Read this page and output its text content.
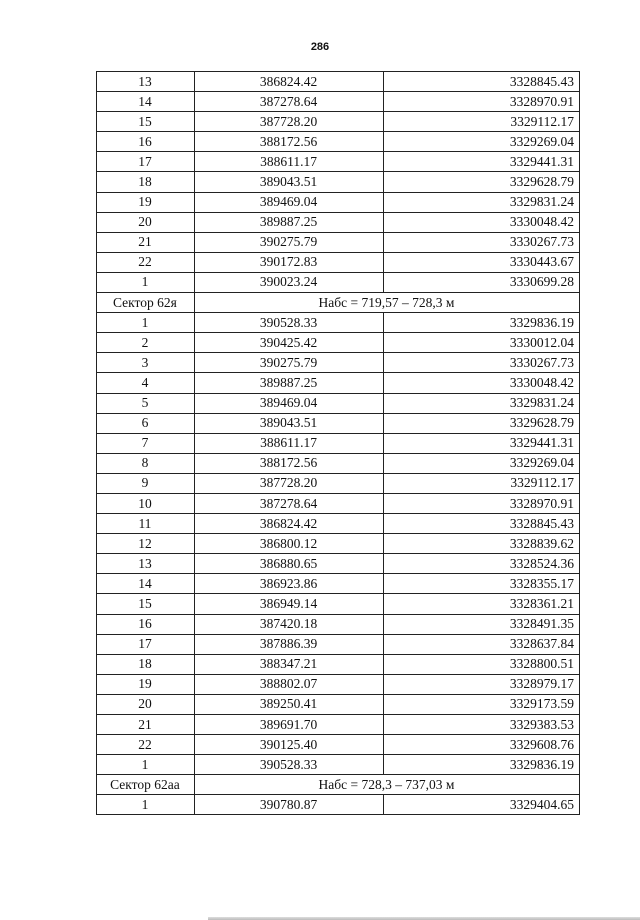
286
13	386824.42	3328845.43
14	387278.64	3328970.91
15	387728.20	3329112.17
16	388172.56	3329269.04
17	388611.17	3329441.31
18	389043.51	3329628.79
19	389469.04	3329831.24
20	389887.25	3330048.42
21	390275.79	3330267.73
22	390172.83	3330443.67
1	390023.24	3330699.28
Сектор 62я	Набс = 719,57 – 728,3 м	
1	390528.33	3329836.19
2	390425.42	3330012.04
3	390275.79	3330267.73
4	389887.25	3330048.42
5	389469.04	3329831.24
6	389043.51	3329628.79
7	388611.17	3329441.31
8	388172.56	3329269.04
9	387728.20	3329112.17
10	387278.64	3328970.91
11	386824.42	3328845.43
12	386800.12	3328839.62
13	386880.65	3328524.36
14	386923.86	3328355.17
15	386949.14	3328361.21
16	387420.18	3328491.35
17	387886.39	3328637.84
18	388347.21	3328800.51
19	388802.07	3328979.17
20	389250.41	3329173.59
21	389691.70	3329383.53
22	390125.40	3329608.76
1	390528.33	3329836.19
Сектор 62аа	Набс = 728,3 – 737,03 м	
1	390780.87	3329404.65
